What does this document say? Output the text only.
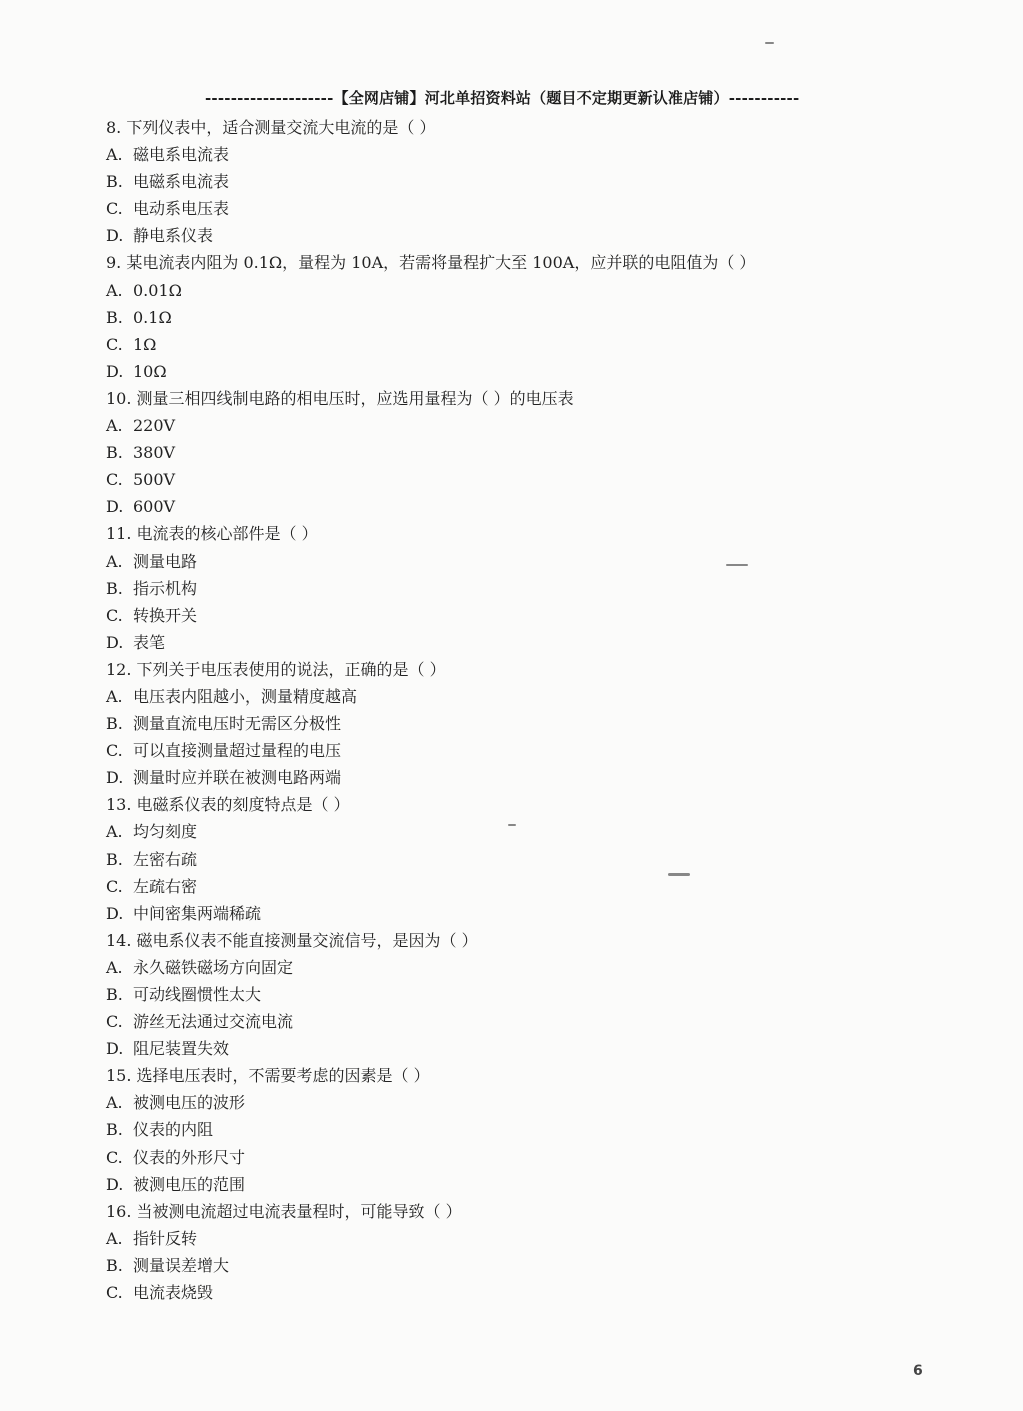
--------------------【全网店铺】河北单招资料站（题目不定期更新认准店铺）-----------
8. 下列仪表中，适合测量交流大电流的是（ ）
A. 磁电系电流表
B. 电磁系电流表
C. 电动系电压表
D. 静电系仪表
9. 某电流表内阻为 0.1Ω，量程为 10A，若需将量程扩大至 100A，应并联的电阻值为（ ）
A. 0.01Ω
B. 0.1Ω
C. 1Ω
D. 10Ω
10. 测量三相四线制电路的相电压时，应选用量程为（ ）的电压表
A. 220V
B. 380V
C. 500V
D. 600V
11. 电流表的核心部件是（ ）
A. 测量电路
B. 指示机构
C. 转换开关
D. 表笔
12. 下列关于电压表使用的说法，正确的是（ ）
A. 电压表内阻越小，测量精度越高
B. 测量直流电压时无需区分极性
C. 可以直接测量超过量程的电压
D. 测量时应并联在被测电路两端
13. 电磁系仪表的刻度特点是（ ）
A. 均匀刻度
B. 左密右疏
C. 左疏右密
D. 中间密集两端稀疏
14. 磁电系仪表不能直接测量交流信号，是因为（ ）
A. 永久磁铁磁场方向固定
B. 可动线圈惯性太大
C. 游丝无法通过交流电流
D. 阻尼装置失效
15. 选择电压表时，不需要考虑的因素是（ ）
A. 被测电压的波形
B. 仪表的内阻
C. 仪表的外形尺寸
D. 被测电压的范围
16. 当被测电流超过电流表量程时，可能导致（ ）
A. 指针反转
B. 测量误差增大
C. 电流表烧毁
6
